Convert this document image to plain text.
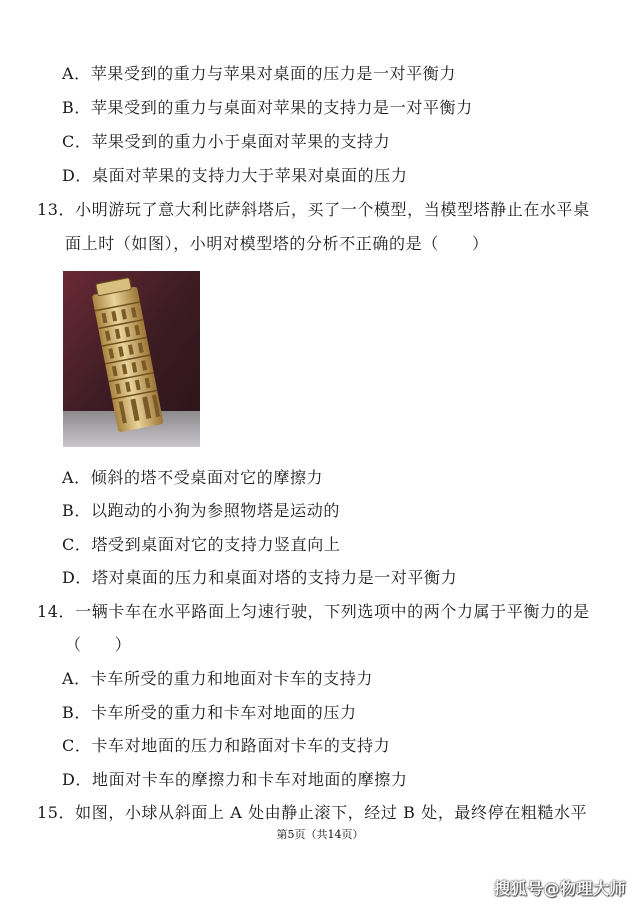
A．苹果受到的重力与苹果对桌面的压力是一对平衡力
B．苹果受到的重力与桌面对苹果的支持力是一对平衡力
C．苹果受到的重力小于桌面对苹果的支持力
D．桌面对苹果的支持力大于苹果对桌面的压力
13．小明游玩了意大利比萨斜塔后，买了一个模型，当模型塔静止在水平桌
面上时（如图），小明对模型塔的分析不正确的是（　　）
A．倾斜的塔不受桌面对它的摩擦力
B．以跑动的小狗为参照物塔是运动的
C．塔受到桌面对它的支持力竖直向上
D．塔对桌面的压力和桌面对塔的支持力是一对平衡力
14．一辆卡车在水平路面上匀速行驶，下列选项中的两个力属于平衡力的是
（　　）
A．卡车所受的重力和地面对卡车的支持力
B．卡车所受的重力和卡车对地面的压力
C．卡车对地面的压力和路面对卡车的支持力
D．地面对卡车的摩擦力和卡车对地面的摩擦力
15．如图，小球从斜面上 A 处由静止滚下，经过 B 处，最终停在粗糙水平
第5页（共14页）
搜狐号@物理大师
